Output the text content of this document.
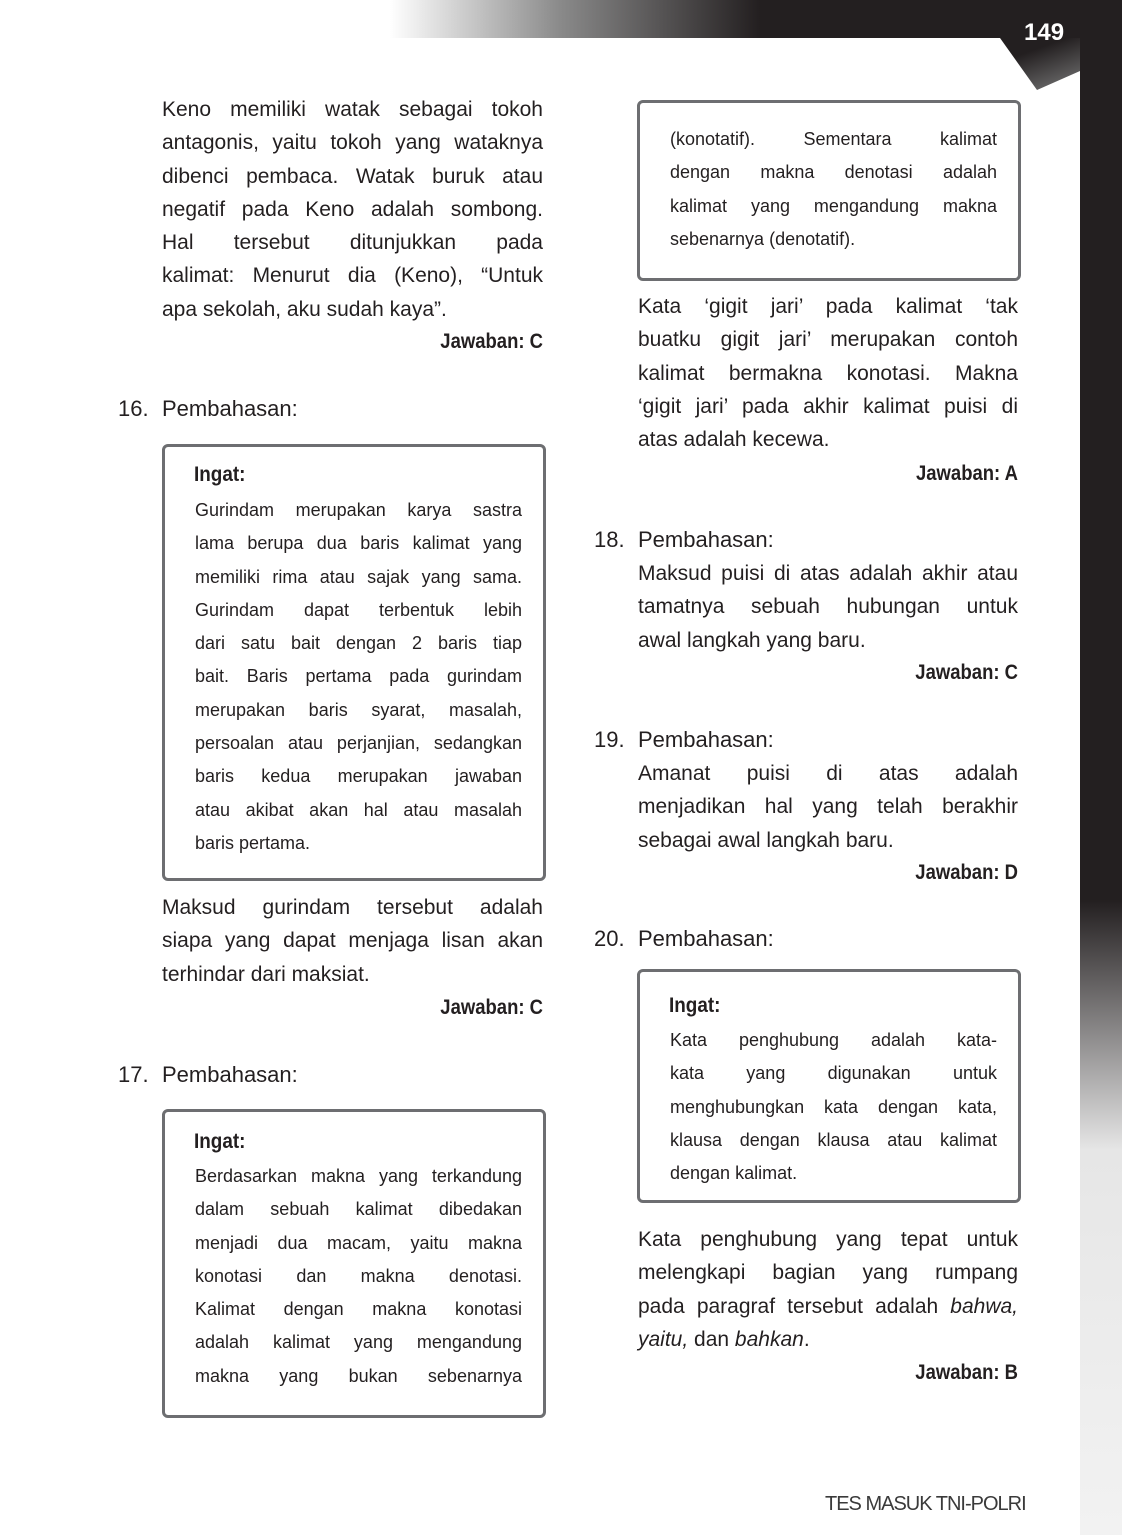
149
Keno memiliki watak sebagai tokoh
antagonis, yaitu tokoh yang wataknya
dibenci pembaca. Watak buruk atau
negatif pada Keno adalah sombong.
Hal tersebut ditunjukkan pada
kalimat: Menurut dia (Keno), “Untuk
apa sekolah, aku sudah kaya”.
Jawaban: C
16. Pembahasan:
Ingat:
Gurindam merupakan karya sastra
lama berupa dua baris kalimat yang
memiliki rima atau sajak yang sama.
Gurindam dapat terbentuk lebih
dari satu bait dengan 2 baris tiap
bait. Baris pertama pada gurindam
merupakan baris syarat, masalah,
persoalan atau perjanjian, sedangkan
baris kedua merupakan jawaban
atau akibat akan hal atau masalah
baris pertama.
Maksud gurindam tersebut adalah
siapa yang dapat menjaga lisan akan
terhindar dari maksiat.
Jawaban: C
17. Pembahasan:
Ingat:
Berdasarkan makna yang terkandung
dalam sebuah kalimat dibedakan
menjadi dua macam, yaitu makna
konotasi dan makna denotasi.
Kalimat dengan makna konotasi
adalah kalimat yang mengandung
makna yang bukan sebenarnya
(konotatif). Sementara kalimat
dengan makna denotasi adalah
kalimat yang mengandung makna
sebenarnya (denotatif).
Kata ‘gigit jari’ pada kalimat ‘tak
buatku gigit jari’ merupakan contoh
kalimat bermakna konotasi. Makna
‘gigit jari’ pada akhir kalimat puisi di
atas adalah kecewa.
Jawaban: A
18. Pembahasan:
Maksud puisi di atas adalah akhir atau
tamatnya sebuah hubungan untuk
awal langkah yang baru.
Jawaban: C
19. Pembahasan:
Amanat puisi di atas adalah
menjadikan hal yang telah berakhir
sebagai awal langkah baru.
Jawaban: D
20. Pembahasan:
Ingat:
Kata penghubung adalah kata-
kata yang digunakan untuk
menghubungkan kata dengan kata,
klausa dengan klausa atau kalimat
dengan kalimat.
Kata penghubung yang tepat untuk
melengkapi bagian yang rumpang
pada paragraf tersebut adalah bahwa,
yaitu, dan bahkan.
Jawaban: B
TES MASUK TNI-POLRI
